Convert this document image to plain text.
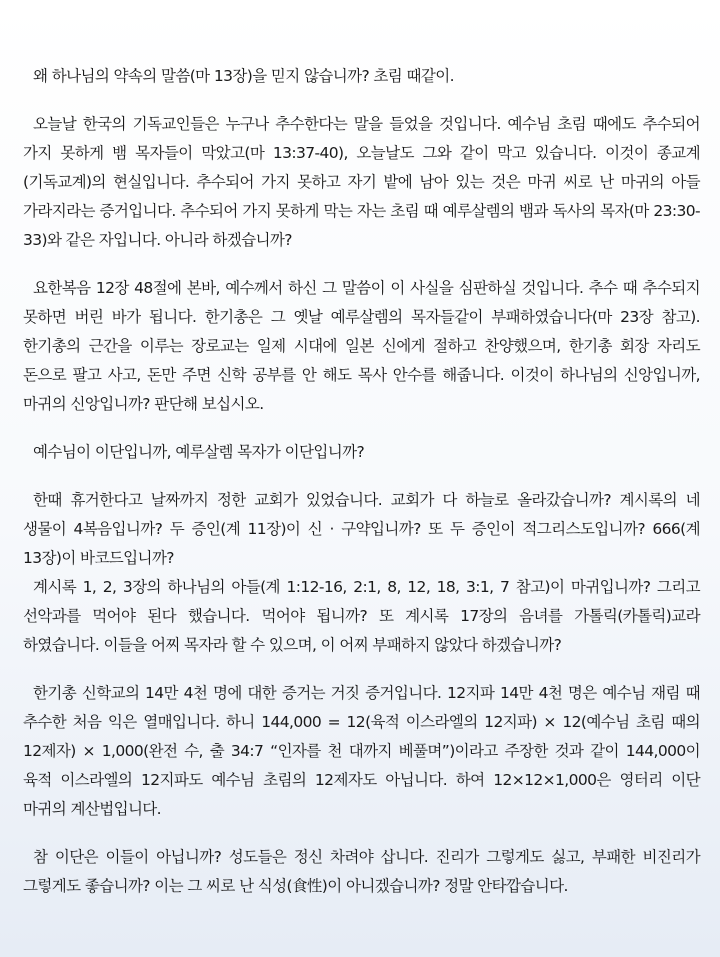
왜 하나님의 약속의 말씀(마 13장)을 믿지 않습니까? 초림 때같이.

오늘날 한국의 기독교인들은 누구나 추수한다는 말을 들었을 것입니다. 예수님 초림 때에도 추수되어 가지 못하게 뱀 목자들이 막았고(마 13:37-40), 오늘날도 그와 같이 막고 있습니다. 이것이 종교계(기독교계)의 현실입니다. 추수되어 가지 못하고 자기 밭에 남아 있는 것은 마귀 씨로 난 마귀의 아들 가라지라는 증거입니다. 추수되어 가지 못하게 막는 자는 초림 때 예루살렘의 뱀과 독사의 목자(마 23:30-33)와 같은 자입니다. 아니라 하겠습니까?

요한복음 12장 48절에 본바, 예수께서 하신 그 말씀이 이 사실을 심판하실 것입니다. 추수 때 추수되지 못하면 버린 바가 됩니다. 한기총은 그 옛날 예루살렘의 목자들같이 부패하였습니다(마 23장 참고). 한기총의 근간을 이루는 장로교는 일제 시대에 일본 신에게 절하고 찬양했으며, 한기총 회장 자리도 돈으로 팔고 사고, 돈만 주면 신학 공부를 안 해도 목사 안수를 해줍니다. 이것이 하나님의 신앙입니까, 마귀의 신앙입니까? 판단해 보십시오.

예수님이 이단입니까, 예루살렘 목자가 이단입니까?

한때 휴거한다고 날짜까지 정한 교회가 있었습니다. 교회가 다 하늘로 올라갔습니까? 계시록의 네 생물이 4복음입니까? 두 증인(계 11장)이 신 · 구약입니까? 또 두 증인이 적그리스도입니까? 666(계 13장)이 바코드입니까?

계시록 1, 2, 3장의 하나님의 아들(계 1:12-16, 2:1, 8, 12, 18, 3:1, 7 참고)이 마귀입니까? 그리고 선악과를 먹어야 된다 했습니다. 먹어야 됩니까? 또 계시록 17장의 음녀를 가톨릭(카톨릭)교라 하였습니다. 이들을 어찌 목자라 할 수 있으며, 이 어찌 부패하지 않았다 하겠습니까?

한기총 신학교의 14만 4천 명에 대한 증거는 거짓 증거입니다. 12지파 14만 4천 명은 예수님 재림 때 추수한 처음 익은 열매입니다. 하니 144,000 = 12(육적 이스라엘의 12지파) × 12(예수님 초림 때의 12제자) × 1,000(완전 수, 출 34:7 “인자를 천 대까지 베풀며”)이라고 주장한 것과 같이 144,000이 육적 이스라엘의 12지파도 예수님 초림의 12제자도 아닙니다. 하여 12×12×1,000은 영터리 이단 마귀의 계산법입니다.

참 이단은 이들이 아닙니까? 성도들은 정신 차려야 삽니다. 진리가 그렇게도 싫고, 부패한 비진리가 그렇게도 좋습니까? 이는 그 씨로 난 식성(食性)이 아니겠습니까? 정말 안타깝습니다.
